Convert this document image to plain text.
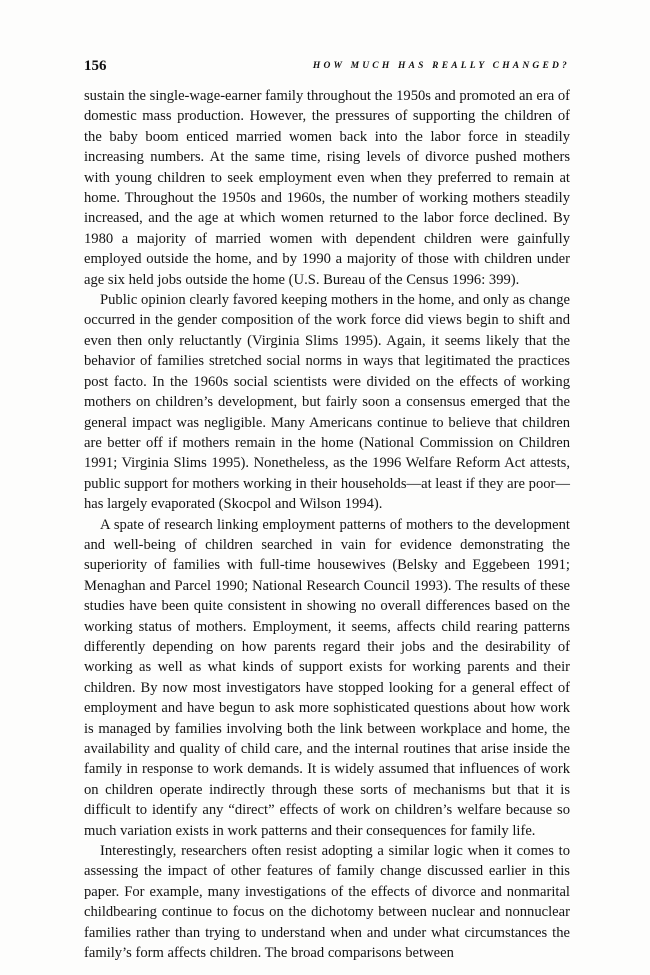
156	HOW MUCH HAS REALLY CHANGED?

sustain the single-wage-earner family throughout the 1950s and promoted an era of domestic mass production. However, the pressures of supporting the children of the baby boom enticed married women back into the labor force in steadily increasing numbers. At the same time, rising levels of divorce pushed mothers with young children to seek employment even when they preferred to remain at home. Throughout the 1950s and 1960s, the number of working mothers steadily increased, and the age at which women returned to the labor force declined. By 1980 a majority of married women with dependent children were gainfully employed outside the home, and by 1990 a majority of those with children under age six held jobs outside the home (U.S. Bureau of the Census 1996: 399).

Public opinion clearly favored keeping mothers in the home, and only as change occurred in the gender composition of the work force did views begin to shift and even then only reluctantly (Virginia Slims 1995). Again, it seems likely that the behavior of families stretched social norms in ways that legitimated the practices post facto. In the 1960s social scientists were divided on the effects of working mothers on children’s development, but fairly soon a consensus emerged that the general impact was negligible. Many Americans continue to believe that children are better off if mothers remain in the home (National Commission on Children 1991; Virginia Slims 1995). Nonetheless, as the 1996 Welfare Reform Act attests, public support for mothers working in their households—at least if they are poor—has largely evaporated (Skocpol and Wilson 1994).

A spate of research linking employment patterns of mothers to the development and well-being of children searched in vain for evidence demonstrating the superiority of families with full-time housewives (Belsky and Eggebeen 1991; Menaghan and Parcel 1990; National Research Council 1993). The results of these studies have been quite consistent in showing no overall differences based on the working status of mothers. Employment, it seems, affects child rearing patterns differently depending on how parents regard their jobs and the desirability of working as well as what kinds of support exists for working parents and their children. By now most investigators have stopped looking for a general effect of employment and have begun to ask more sophisticated questions about how work is managed by families involving both the link between workplace and home, the availability and quality of child care, and the internal routines that arise inside the family in response to work demands. It is widely assumed that influences of work on children operate indirectly through these sorts of mechanisms but that it is difficult to identify any “direct” effects of work on children’s welfare because so much variation exists in work patterns and their consequences for family life.

Interestingly, researchers often resist adopting a similar logic when it comes to assessing the impact of other features of family change discussed earlier in this paper. For example, many investigations of the effects of divorce and nonmarital childbearing continue to focus on the dichotomy between nuclear and nonnuclear families rather than trying to understand when and under what circumstances the family’s form affects children. The broad comparisons between
